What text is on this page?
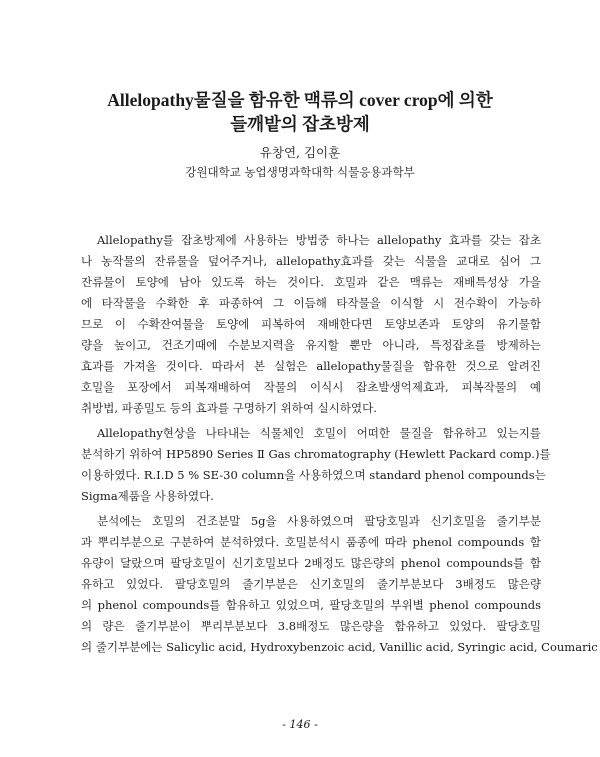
Allelopathy물질을 함유한 맥류의 cover crop에 의한
들깨밭의 잡초방제
유창연, 김이훈
강원대학교 농업생명과학대학 식물응용과학부
Allelopathy를 잡초방제에 사용하는 방법중 하나는 allelopathy 효과를 갖는 잡초
나 농작물의 잔류물을 덮어주거나, allelopathy효과를 갖는 식물을 교대로 심어 그
잔류물이 토양에 남아 있도록 하는 것이다. 호밀과 같은 맥류는 재배특성상 가을
에 타작물을 수확한 후 파종하여 그 이듬해 타작물을 이식할 시 전수확이 가능하
므로 이 수확잔여물을 토양에 피복하여 재배한다면 토양보존과 토양의 유기물함
량을 높이고, 건조기때에 수분보지력을 유지할 뿐만 아니라, 특정잡초를 방제하는
효과를 가져올 것이다. 따라서 본 실험은 allelopathy물질을 함유한 것으로 알려진
호밀을 포장에서 피복재배하여 작물의 이식시 잡초발생억제효과, 피복작물의 예
취방법, 파종밀도 등의 효과를 구명하기 위하여 실시하였다.
Allelopathy현상을 나타내는 식물체인 호밀이 어떠한 물질을 함유하고 있는지를
분석하기 위하여 HP5890 Series Ⅱ Gas chromatography (Hewlett Packard comp.)를
이용하였다. R.I.D 5 % SE-30 column을 사용하였으며 standard phenol compounds는
Sigma제품을 사용하였다.
분석에는 호밀의 건조분말 5g을 사용하였으며 팔당호밀과 신기호밀을 줄기부분
과 뿌리부분으로 구분하여 분석하였다. 호밀분석시 품종에 따라 phenol compounds 함
유량이 달랐으며 팔당호밀이 신기호밀보다 2배정도 많은량의 phenol compounds를 함
유하고 있었다. 팔당호밀의 줄기부분은 신기호밀의 줄기부분보다 3배정도 많은량
의 phenol compounds를 함유하고 있었으며, 팔당호밀의 부위별 phenol compounds
의 량은 줄기부분이 뿌리부분보다 3.8배정도 많은량을 함유하고 있었다. 팔당호밀
의 줄기부분에는 Salicylic acid, Hydroxybenzoic acid, Vanillic acid, Syringic acid, Coumaric
- 146 -
